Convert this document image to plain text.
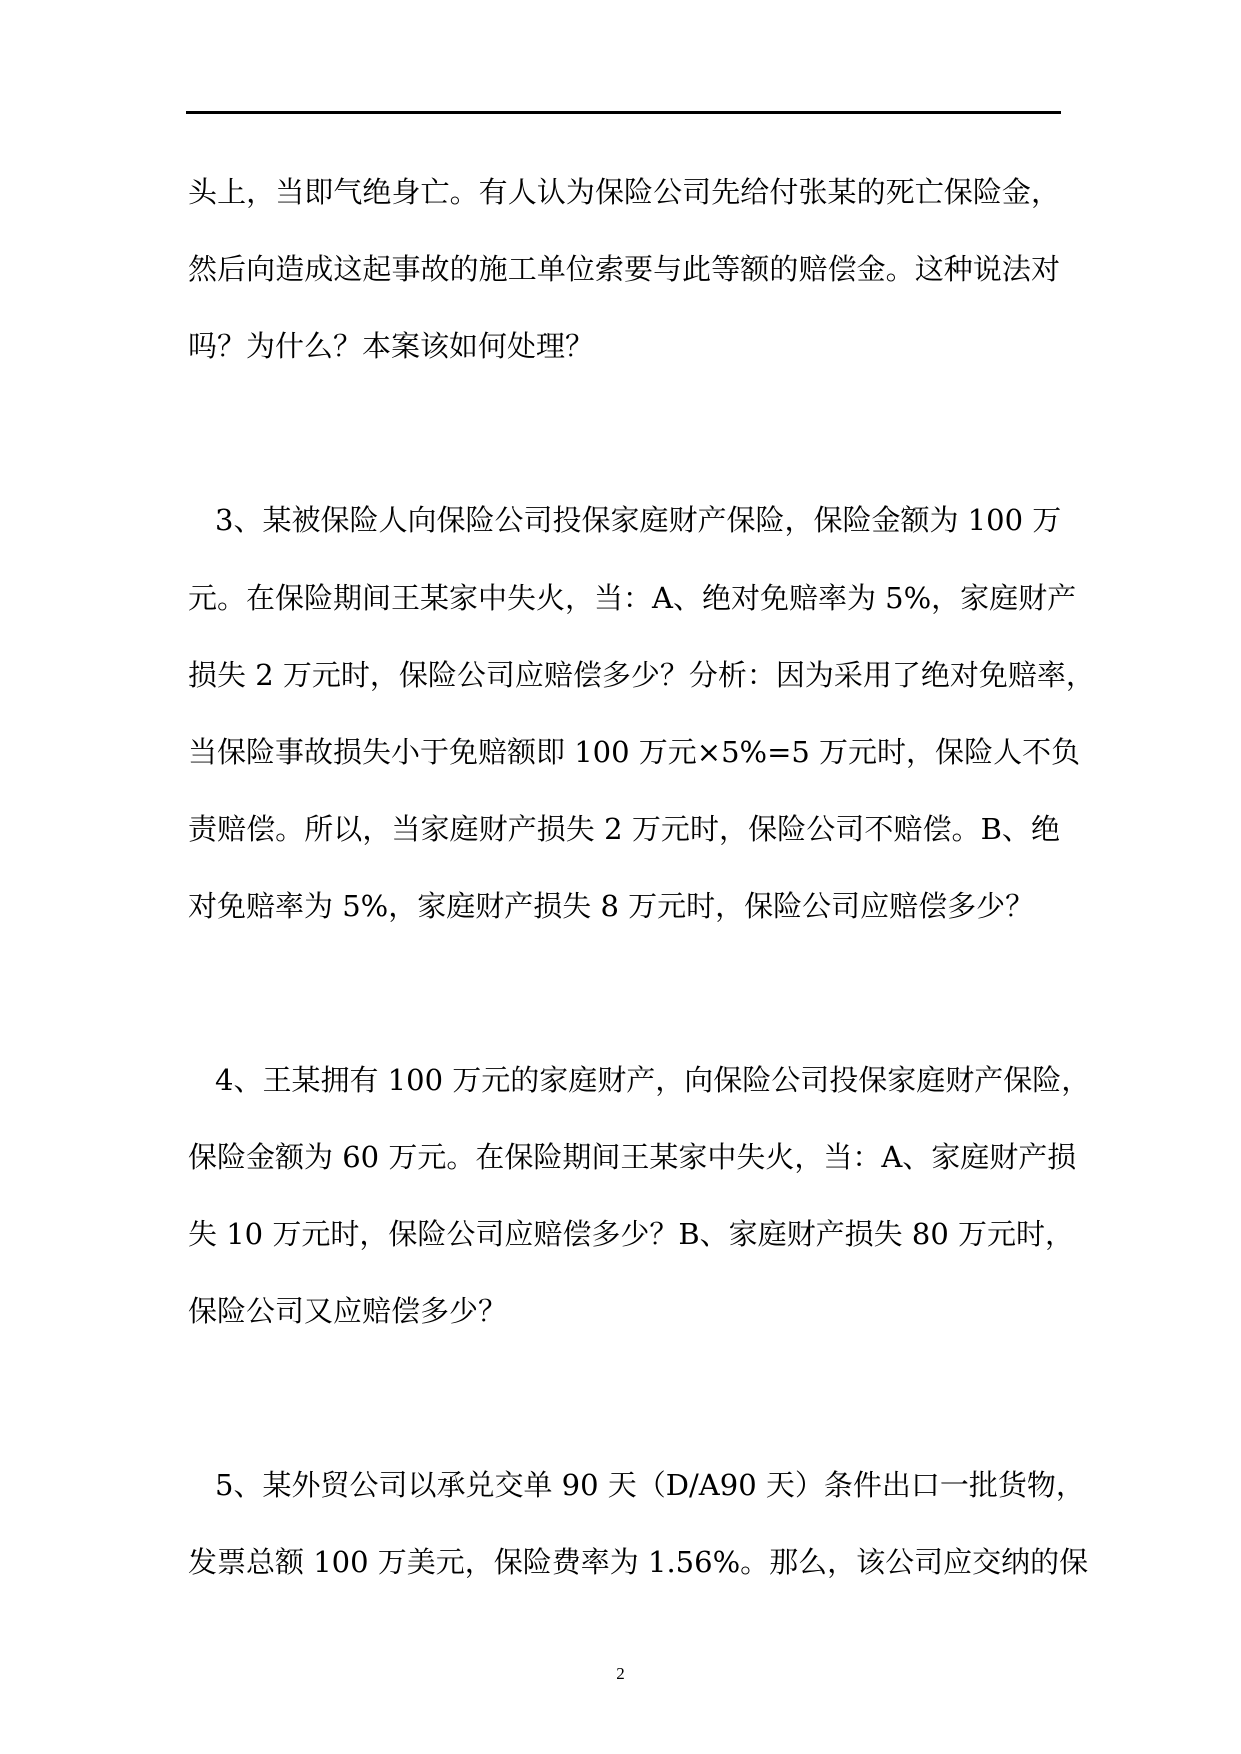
头上，当即气绝身亡。有人认为保险公司先给付张某的死亡保险金，
然后向造成这起事故的施工单位索要与此等额的赔偿金。这种说法对
吗？为什么？本案该如何处理？
3、某被保险人向保险公司投保家庭财产保险，保险金额为 100 万
元。在保险期间王某家中失火，当：A、绝对免赔率为 5%，家庭财产
损失 2 万元时，保险公司应赔偿多少？分析：因为采用了绝对免赔率，
当保险事故损失小于免赔额即 100 万元×5%=5 万元时，保险人不负
责赔偿。所以，当家庭财产损失 2 万元时，保险公司不赔偿。B、绝
对免赔率为 5%，家庭财产损失 8 万元时，保险公司应赔偿多少？
4、王某拥有 100 万元的家庭财产，向保险公司投保家庭财产保险，
保险金额为 60 万元。在保险期间王某家中失火，当：A、家庭财产损
失 10 万元时，保险公司应赔偿多少？B、家庭财产损失 80 万元时，
保险公司又应赔偿多少？
5、某外贸公司以承兑交单 90 天（D/A90 天）条件出口一批货物，
发票总额 100 万美元，保险费率为 1.56%。那么，该公司应交纳的保
2
